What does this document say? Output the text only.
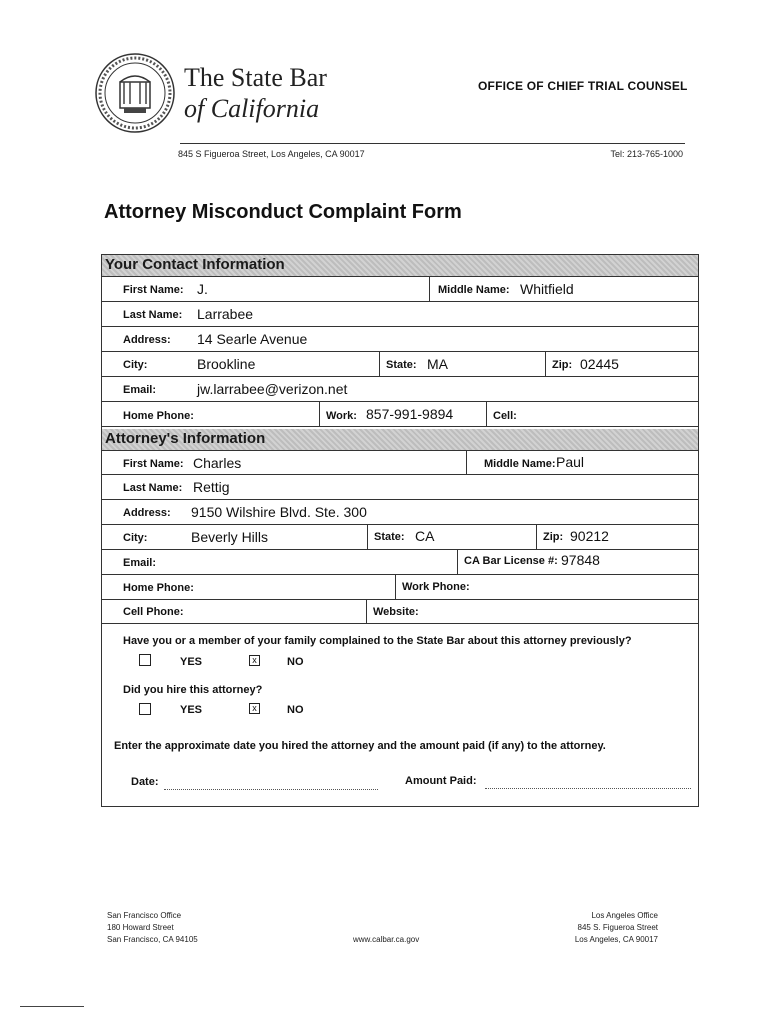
The State Bar
of California
OFFICE OF CHIEF TRIAL COUNSEL
845 S Figueroa Street, Los Angeles, CA 90017	Tel: 213-765-1000
Attorney Misconduct Complaint Form
Your Contact Information
First Name: J.	Middle Name: Whitfield
Last Name: Larrabee
Address: 14 Searle Avenue
City:	Brookline	State: MA	Zip: 02445
Email:	jw.larrabee@verizon.net
Home Phone:	Work: 857-991-9894	Cell:
Attorney's Information
First Name: Charles	Middle Name: Paul
Last Name: Rettig
Address: 9150 Wilshire Blvd. Ste. 300
City:	Beverly Hills	State: CA	Zip: 90212
Email:	CA Bar License #: 97848
Home Phone:	Work Phone:
Cell Phone:	Website:
Have you or a member of your family complained to the State Bar about this attorney previously?
YES	x	NO
Did you hire this attorney?
YES	x	NO
Enter the approximate date you hired the attorney and the amount paid (if any) to the attorney.
Date:	Amount Paid:
San Francisco Office
180 Howard Street
San Francisco, CA 94105	www.calbar.ca.gov
Los Angeles Office
845 S. Figueroa Street
Los Angeles, CA 90017
